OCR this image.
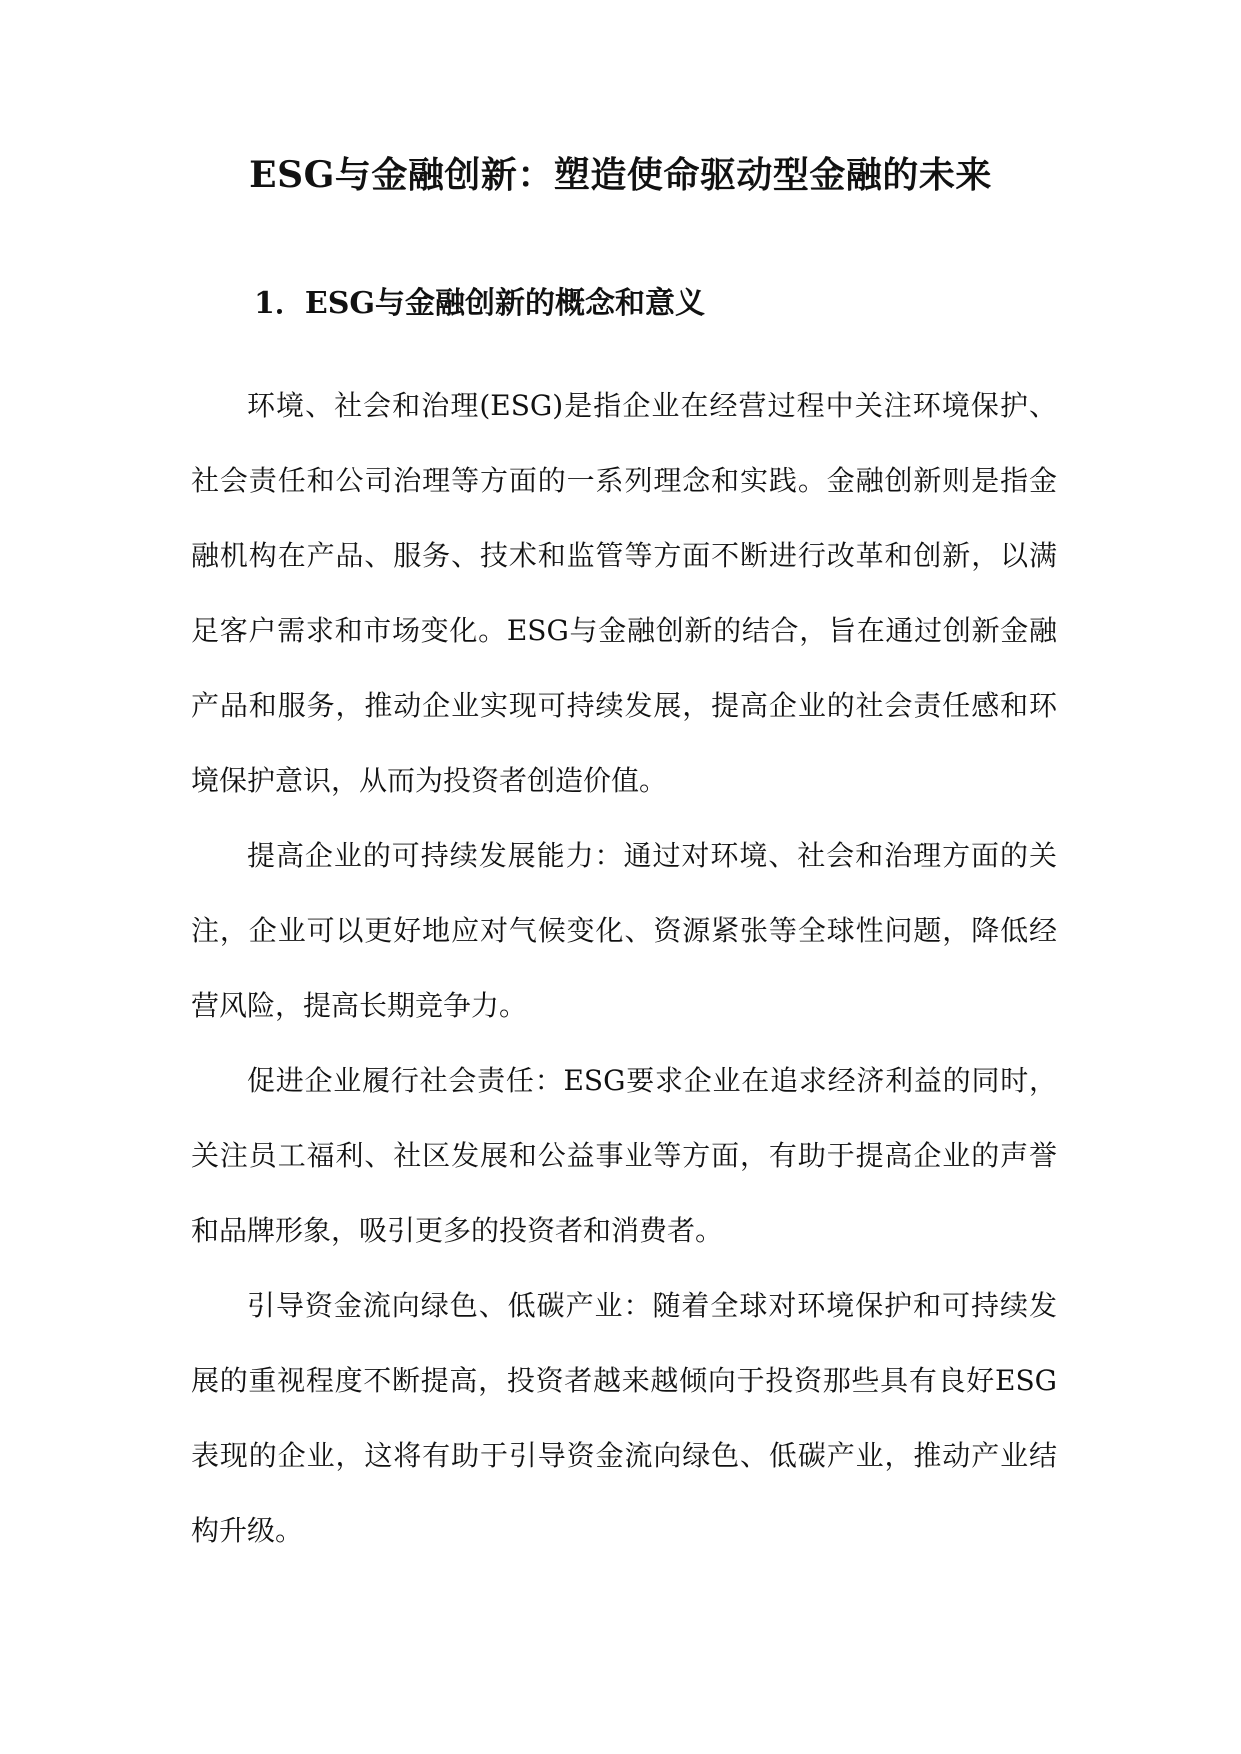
ESG与金融创新：塑造使命驱动型金融的未来
1．ESG与金融创新的概念和意义

环境、社会和治理(ESG)是指企业在经营过程中关注环境保护、社会责任和公司治理等方面的一系列理念和实践。金融创新则是指金融机构在产品、服务、技术和监管等方面不断进行改革和创新，以满足客户需求和市场变化。ESG与金融创新的结合，旨在通过创新金融产品和服务，推动企业实现可持续发展，提高企业的社会责任感和环境保护意识，从而为投资者创造价值。

提高企业的可持续发展能力：通过对环境、社会和治理方面的关注，企业可以更好地应对气候变化、资源紧张等全球性问题，降低经营风险，提高长期竞争力。

促进企业履行社会责任：ESG要求企业在追求经济利益的同时，关注员工福利、社区发展和公益事业等方面，有助于提高企业的声誉和品牌形象，吸引更多的投资者和消费者。

引导资金流向绿色、低碳产业：随着全球对环境保护和可持续发展的重视程度不断提高，投资者越来越倾向于投资那些具有良好ESG表现的企业，这将有助于引导资金流向绿色、低碳产业，推动产业结构升级。
